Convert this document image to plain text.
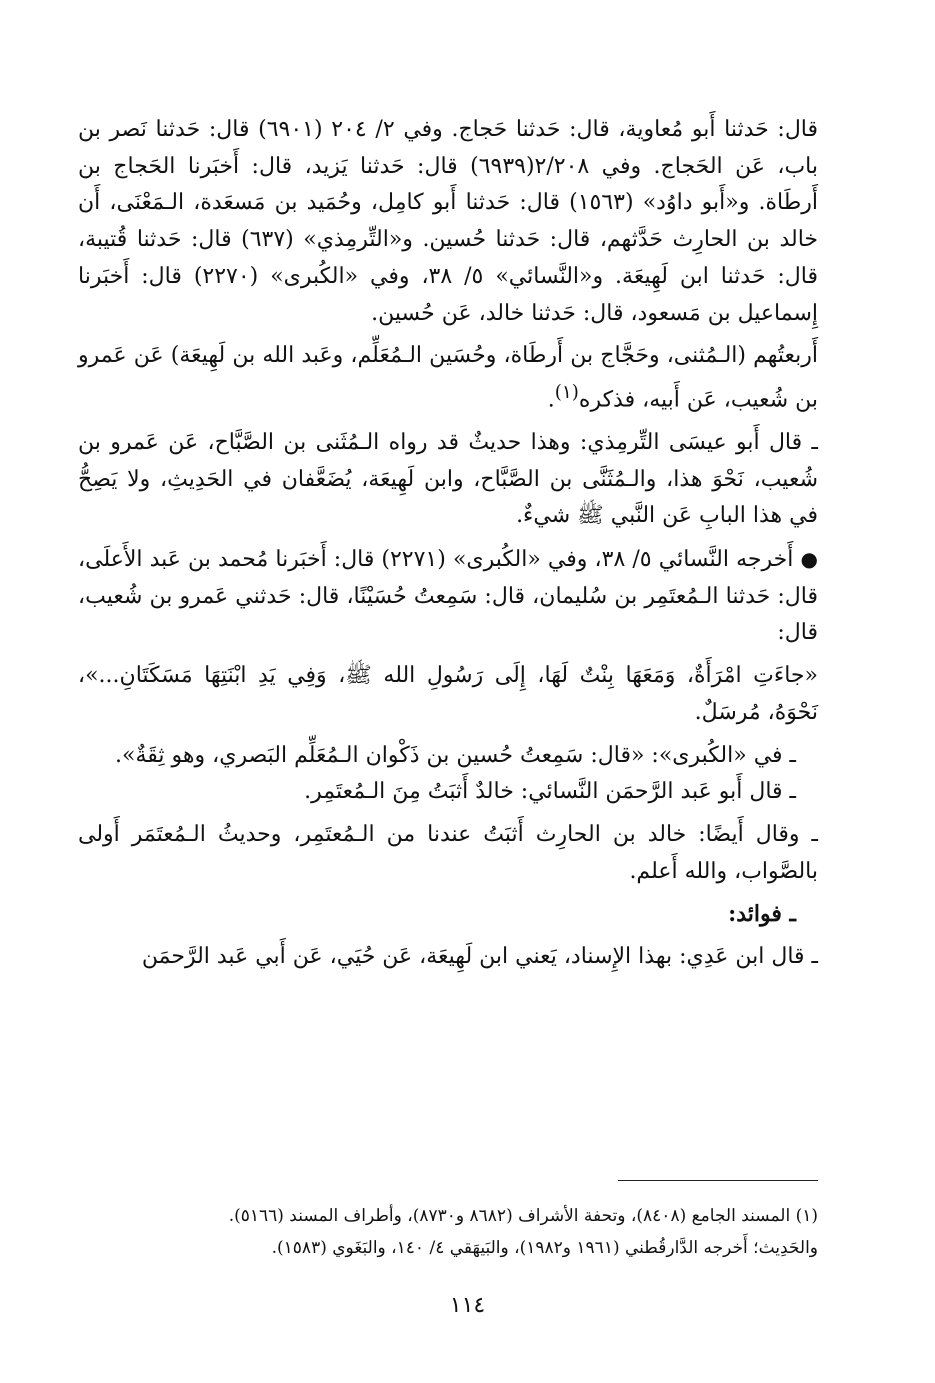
قال: حَدثنا أَبو مُعاوية، قال: حَدثنا حَجاج. وفي ٢/ ٢٠٤ (٦٩٠١) قال: حَدثنا نَصر بن باب، عَن الحَجاج. وفي ٢/٢٠٨(٦٩٣٩) قال: حَدثنا يَزيد، قال: أَخبَرنا الحَجاج بن أَرطَاة. و«أَبو داوُد» (١٥٦٣) قال: حَدثنا أَبو كامِل، وحُمَيد بن مَسعَدة، الـمَعْنَى، أَن خالد بن الحارِث حَدَّثهم، قال: حَدثنا حُسين. و«التِّرمِذي» (٦٣٧) قال: حَدثنا قُتيبة، قال: حَدثنا ابن لَهِيعَة. و«النَّسائي» ٥/ ٣٨، وفي «الكُبرى» (٢٢٧٠) قال: أَخبَرنا إِسماعيل بن مَسعود، قال: حَدثنا خالد، عَن حُسين.

أَربعتُهم (الـمُثنى، وحَجَّاج بن أَرطَاة، وحُسَين الـمُعَلِّم، وعَبد الله بن لَهِيعَة) عَن عَمرو بن شُعيب، عَن أَبيه، فذكره$^{(١)}$.

ـ قال أَبو عيسَى التِّرمِذي: وهذا حديثٌ قد رواه الـمُثَنى بن الصَّبَّاح، عَن عَمرو بن شُعيب، نَحْوَ هذا، والـمُثَنَّى بن الصَّبَّاح، وابن لَهِيعَة، يُضَعَّفان في الحَدِيثِ، ولا يَصِحُّ في هذا البابِ عَن النَّبي ﷺ شيءٌ.

● أَخرجه النَّسائي ٥/ ٣٨، وفي «الكُبرى» (٢٢٧١) قال: أَخبَرنا مُحمد بن عَبد الأَعلَى، قال: حَدثنا الـمُعتَمِر بن سُليمان، قال: سَمِعتُ حُسَيْنًا، قال: حَدثني عَمرو بن شُعيب، قال:

«جاءَتِ امْرَأَةٌ، وَمَعَهَا بِنْتٌ لَهَا، إِلَى رَسُولِ الله ﷺ، وَفِي يَدِ ابْنَتِهَا مَسَكَتَانِ...»، نَحْوَهُ، مُرسَلٌ.

ـ في «الكُبرى»: «قال: سَمِعتُ حُسين بن ذَكْوان الـمُعَلِّم البَصري، وهو ثِقَةٌ».

ـ قال أَبو عَبد الرَّحمَن النَّسائي: خالدٌ أَثبَتُ مِنَ الـمُعتَمِر.

ـ وقال أَيضًا: خالد بن الحارِث أَثبَتُ عندنا من الـمُعتَمِر، وحديثُ الـمُعتَمَر أَولى بالصَّواب، والله أَعلم.

ـ فوائد:

ـ قال ابن عَدِي: بهذا الإِسناد، يَعني ابن لَهِيعَة، عَن حُيَي، عَن أَبي عَبد الرَّحمَن

(١) المسند الجامع (٨٤٠٨)، وتحفة الأشراف (٨٦٨٢ و٨٧٣٠)، وأطراف المسند (٥١٦٦).

والحَدِيث؛ أَخرجه الدَّارقُطني (١٩٦١ و١٩٨٢)، والبَيهَقي ٤/ ١٤٠، والبَغَوي (١٥٨٣).

١١٤
